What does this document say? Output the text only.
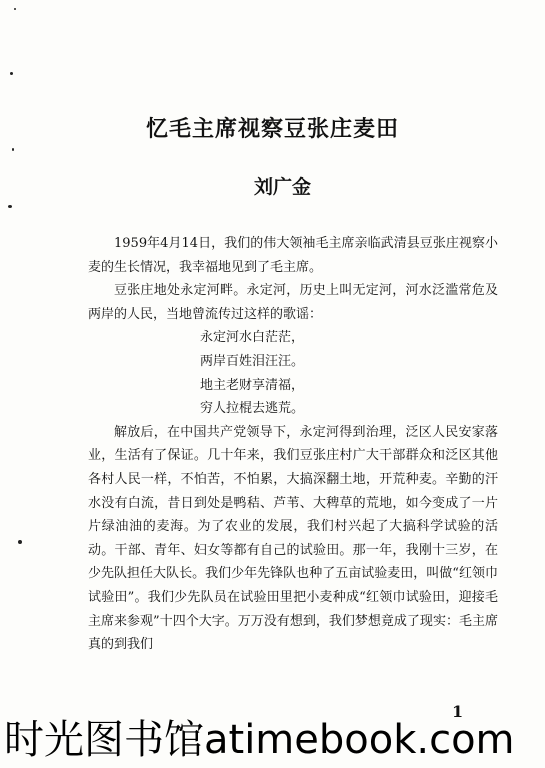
忆毛主席视察豆张庄麦田
刘广金

1959年4月14日，我们的伟大领袖毛主席亲临武清县豆张庄视察小麦的生长情况，我幸福地见到了毛主席。

豆张庄地处永定河畔。永定河，历史上叫无定河，河水泛滥常危及两岸的人民，当地曾流传过这样的歌谣：

永定河水白茫茫，

两岸百姓泪汪汪。

地主老财享清福，

穷人拉棍去逃荒。

解放后，在中国共产党领导下，永定河得到治理，泛区人民安家落业，生活有了保证。几十年来，我们豆张庄村广大干部群众和泛区其他各村人民一样，不怕苦，不怕累，大搞深翻土地，开荒种麦。辛勤的汗水没有白流，昔日到处是鸭秸、芦苇、大稗草的荒地，如今变成了一片片绿油油的麦海。为了农业的发展，我们村兴起了大搞科学试验的活动。干部、青年、妇女等都有自己的试验田。那一年，我刚十三岁，在少先队担任大队长。我们少年先锋队也种了五亩试验麦田，叫做“红领巾试验田”。我们少先队员在试验田里把小麦种成“红领巾试验田，迎接毛主席来参观”十四个大字。万万没有想到，我们梦想竟成了现实：毛主席真的到我们

1
时光图书馆atimebook.com
